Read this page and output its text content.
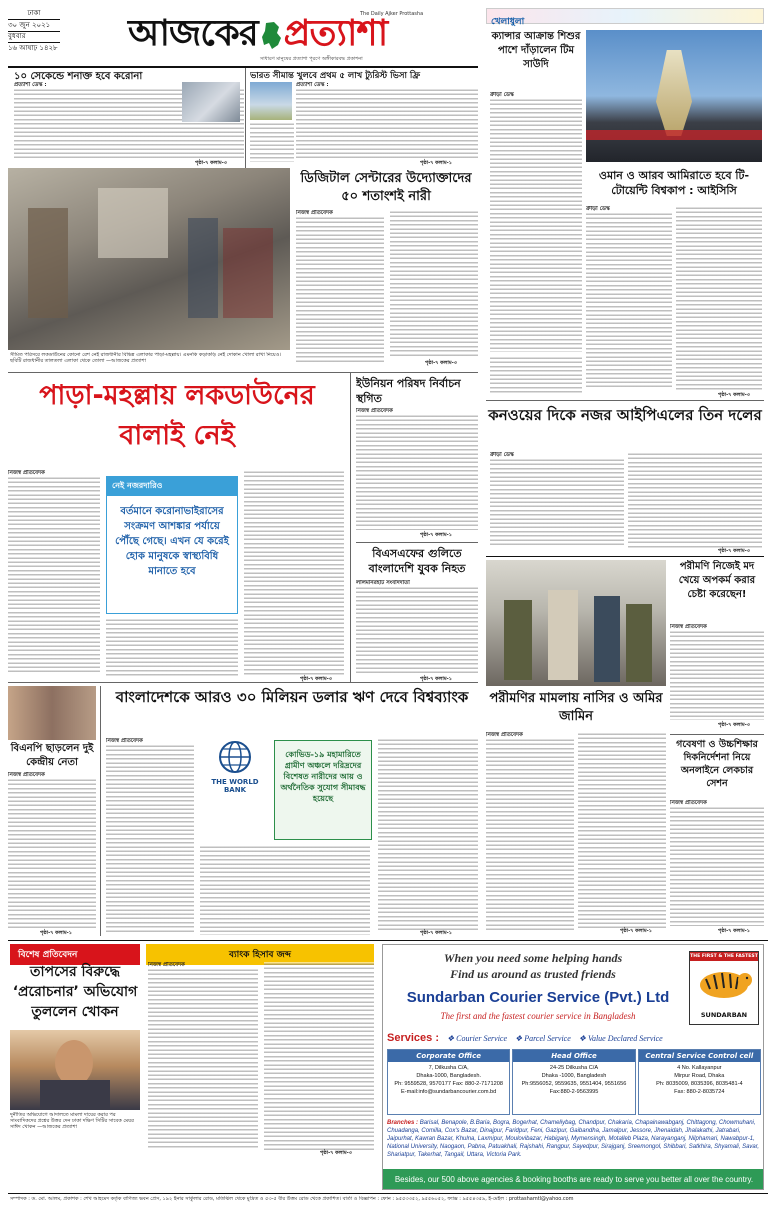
ঢাকা
৩০ জুন ২০২১
বুধবার
১৬ আষাঢ় ১৪২৮ আজকের প্রত্যাশা
The Daily Ajker Prottasha
সাধারণ মানুষের প্রত্যাশা পূরণে অঙ্গীকারবদ্ধ প্রকাশনা
১০ সেকেন্ডে শনাক্ত হবে করোনা
প্রত্যাশা ডেস্ক :
পৃষ্ঠা-৭ কলাম-৩
ভারত সীমান্ত খুলবে প্রথম ৫ লাখ ট্যুরিস্ট ভিসা ফ্রি
প্রত্যাশা ডেস্ক :
পৃষ্ঠা-৭ কলাম-১
সীমিত পরিসরে লকডাউনের কোনো রেশ নেই রাজধানীর বিভিন্ন এলাকার পাড়া-মহল্লায়। এমনকি কড়াকড়ি নেই দোকান খোলা রাখা নিয়েও। ছবিটি রাজধানীর তালতলা এলাকা থেকে তোলা —আজকের প্রত্যাশা
ডিজিটাল সেন্টারের উদ্যোক্তাদের ৫০ শতাংশই নারী
নিজস্ব প্রতিবেদক
পৃষ্ঠা-৭ কলাম-৩
পাড়া-মহল্লায় লকডাউনের
বালাই নেই
নিজস্ব প্রতিবেদক
নেই নজরদারিও
বর্তমানে করোনাভাইরাসের সংক্রমণ আশঙ্কার পর্যায়ে পৌঁছে গেছে। এখন যে করেই হোক মানুষকে স্বাস্থ্যবিধি মানাতে হবে
পৃষ্ঠা-৭ কলাম-৩
ইউনিয়ন পরিষদ নির্বাচন স্থগিত
নিজস্ব প্রতিবেদক
পৃষ্ঠা-৭ কলাম-১
বিএসএফের গুলিতে বাংলাদেশি যুবক নিহত
লালমনিরহাট সংবাদদাতা
পৃষ্ঠা-৭ কলাম-১
বিএনপি ছাড়লেন দুই কেন্দ্রীয় নেতা
নিজস্ব প্রতিবেদক
পৃষ্ঠা-৭ কলাম-১
বাংলাদেশকে আরও ৩০ মিলিয়ন ডলার ঋণ দেবে বিশ্বব্যাংক
নিজস্ব প্রতিবেদক
THE WORLD BANK
কোভিড-১৯ মহামারিতে গ্রামীণ অঞ্চলে দরিদ্রদের বিশেষত নারীদের আয় ও অর্থনৈতিক সুযোগ সীমাবদ্ধ হয়েছে
পৃষ্ঠা-৭ কলাম-১
বিশেষ প্রতিবেদন
তাপসের বিরুদ্ধে ‘প্ররোচনার’ অভিযোগ তুললেন খোকন
দুর্নীতির অভিযোগে আদালতে মামলা দায়ের করার পর সাংবাদিকদের প্রশ্নের উত্তর দেন ঢাকা দক্ষিণ সিটির সাবেক মেয়র সাঈদ খোকন —আজকের প্রত্যাশা
ব্যাংক হিসাব জব্দ
নিজস্ব প্রতিবেদক
পৃষ্ঠা-৭ কলাম-৩
খেলাধুলা
ক্যান্সার আক্রান্ত শিশুর পাশে দাঁড়ালেন টিম সাউদি
ক্রীড়া ডেস্ক
ওমান ও আরব আমিরাতে হবে টি-টোয়েন্টি বিশ্বকাপ : আইসিসি
ক্রীড়া ডেস্ক
পৃষ্ঠা-৭ কলাম-৩
কনওয়ের দিকে নজর আইপিএলের তিন দলের
ক্রীড়া ডেস্ক
পৃষ্ঠা-৭ কলাম-৩
পরীমণি নিজেই মদ খেয়ে অপকর্ম করার চেষ্টা করেছেন!
নিজস্ব প্রতিবেদক
পৃষ্ঠা-৭ কলাম-৩
পরীমণির মামলায় নাসির ও অমির জামিন
নিজস্ব প্রতিবেদক
পৃষ্ঠা-৭ কলাম-১
গবেষণা ও উচ্চশিক্ষার দিকনির্দেশনা নিয়ে অনলাইনে লেকচার সেশন
নিজস্ব প্রতিবেদক
পৃষ্ঠা-৭ কলাম-১
When you need some helping hands
Find us around as trusted friends
Sundarban Courier Service (Pvt.) Ltd
The first and the fastest courier service in Bangladesh
THE FIRST & THE FASTEST
SUNDARBAN
Services : ❖ Courier Service ❖ Parcel Service ❖ Value Declared Service
Corporate Office
7, Dilkusha C/A,
Dhaka-1000, Bangladesh.
Ph: 9559528, 9570177 Fax: 880-2-7171208
E-mail:info@sundarbancourier.com.bd
Head Office
24-25 Dilkusha C/A
Dhaka -1000, Bangladesh
Ph:9556052, 9559635, 9551404, 9551656
Fax:880-2-9563995
Central Service Control cell
4 No. Kallayanpur
Mirpur Road, Dhaka
Ph: 8035009, 8035396, 8035481-4
Fax: 880-2-8035724
Branches : Barisal, Benapole, B.Baria, Bogra, Bogerhat, Chameliybag, Chandpur, Chakaria, Chapainawabganj, Chittagong, Chowmuhani, Chuadanga, Comilla, Cox's Bazar, Dinajpur, Faridpur, Feni, Gazipur, Gaibandha, Jamalpur, Jessore, Jhenaidah, Jhalakathi, Jatrabari, Jaipurhat, Kawran Bazar, Khulna, Laxmipur, Moulovibazar, Habiganj, Mymensingh, Motalleb Plaza, Narayanganj, Nilphamari, Nawabpur-1, National University, Naogaon, Pabna, Patuakhali, Rajshahi, Rangpur, Sayedpur, Sirajganj, Sreemongol, Shibbari, Satkhira, Shyamali, Savar, Shariatpur, Takerhat, Tangail, Uttara, Victoria Park.
Besides, our 500 above agencies & booking booths are ready to serve you better all over the country.
সম্পাদক : ড. মো. আলম, প্রকাশক : শেখ আহমেদ কর্তৃক বাণিজ্য ভবন প্রেস, ১৯২ ইনার সার্কুলার রোড, মতিঝিল থেকে মুদ্রিত ও ৫৩-৫ বীর উত্তম রোড থেকে প্রকাশিত। বার্তা ও বিজ্ঞাপন : ফোন : ৯৫৫৩৩৫২, ৯৫৫৬০৫২, ফ্যাক্স : ৯৫৫৪৩৫৯, ই-মেইল : prottashamtl@yahoo.com
